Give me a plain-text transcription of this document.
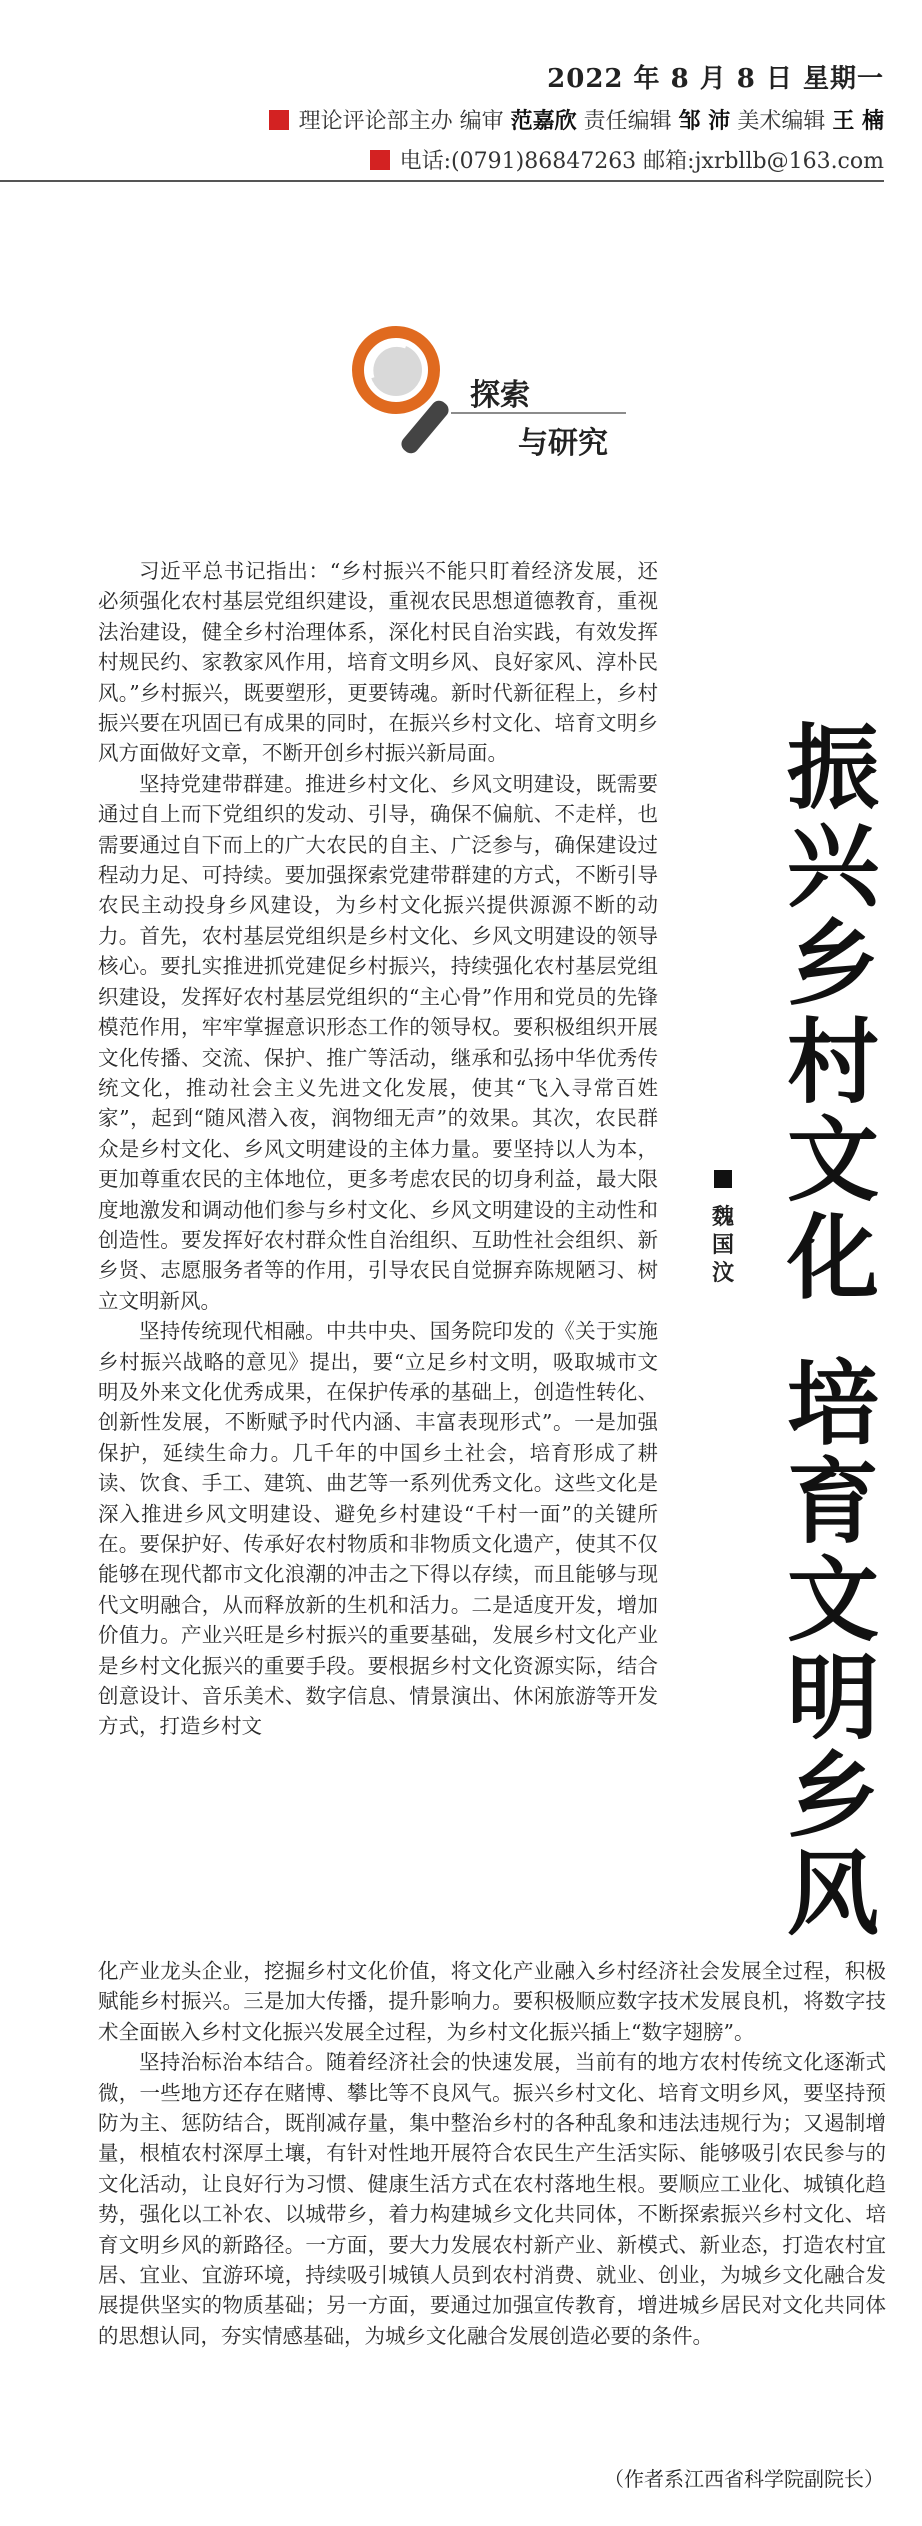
2022 年 8 月 8 日 星期一
理论评论部主办 编审 范嘉欣 责任编辑 邹 沛 美术编辑 王 楠
电话:(0791)86847263 邮箱:jxrbllb@163.com
探索
与研究
振
兴
乡
村
文
化
培
育
文
明
乡
风
魏国汶

习近平总书记指出：“乡村振兴不能只盯着经济发展，还必须强化农村基层党组织建设，重视农民思想道德教育，重视法治建设，健全乡村治理体系，深化村民自治实践，有效发挥村规民约、家教家风作用，培育文明乡风、良好家风、淳朴民风。”乡村振兴，既要塑形，更要铸魂。新时代新征程上，乡村振兴要在巩固已有成果的同时，在振兴乡村文化、培育文明乡风方面做好文章，不断开创乡村振兴新局面。

坚持党建带群建。推进乡村文化、乡风文明建设，既需要通过自上而下党组织的发动、引导，确保不偏航、不走样，也需要通过自下而上的广大农民的自主、广泛参与，确保建设过程动力足、可持续。要加强探索党建带群建的方式，不断引导农民主动投身乡风建设，为乡村文化振兴提供源源不断的动力。首先，农村基层党组织是乡村文化、乡风文明建设的领导核心。要扎实推进抓党建促乡村振兴，持续强化农村基层党组织建设，发挥好农村基层党组织的“主心骨”作用和党员的先锋模范作用，牢牢掌握意识形态工作的领导权。要积极组织开展文化传播、交流、保护、推广等活动，继承和弘扬中华优秀传统文化，推动社会主义先进文化发展，使其“飞入寻常百姓家”，起到“随风潜入夜，润物细无声”的效果。其次，农民群众是乡村文化、乡风文明建设的主体力量。要坚持以人为本，更加尊重农民的主体地位，更多考虑农民的切身利益，最大限度地激发和调动他们参与乡村文化、乡风文明建设的主动性和创造性。要发挥好农村群众性自治组织、互助性社会组织、新乡贤、志愿服务者等的作用，引导农民自觉摒弃陈规陋习、树立文明新风。

坚持传统现代相融。中共中央、国务院印发的《关于实施乡村振兴战略的意见》提出，要“立足乡村文明，吸取城市文明及外来文化优秀成果，在保护传承的基础上，创造性转化、创新性发展，不断赋予时代内涵、丰富表现形式”。一是加强保护，延续生命力。几千年的中国乡土社会，培育形成了耕读、饮食、手工、建筑、曲艺等一系列优秀文化。这些文化是深入推进乡风文明建设、避免乡村建设“千村一面”的关键所在。要保护好、传承好农村物质和非物质文化遗产，使其不仅能够在现代都市文化浪潮的冲击之下得以存续，而且能够与现代文明融合，从而释放新的生机和活力。二是适度开发，增加价值力。产业兴旺是乡村振兴的重要基础，发展乡村文化产业是乡村文化振兴的重要手段。要根据乡村文化资源实际，结合创意设计、音乐美术、数字信息、情景演出、休闲旅游等开发方式，打造乡村文

化产业龙头企业，挖掘乡村文化价值，将文化产业融入乡村经济社会发展全过程，积极赋能乡村振兴。三是加大传播，提升影响力。要积极顺应数字技术发展良机，将数字技术全面嵌入乡村文化振兴发展全过程，为乡村文化振兴插上“数字翅膀”。

坚持治标治本结合。随着经济社会的快速发展，当前有的地方农村传统文化逐渐式微，一些地方还存在赌博、攀比等不良风气。振兴乡村文化、培育文明乡风，要坚持预防为主、惩防结合，既削减存量，集中整治乡村的各种乱象和违法违规行为；又遏制增量，根植农村深厚土壤，有针对性地开展符合农民生产生活实际、能够吸引农民参与的文化活动，让良好行为习惯、健康生活方式在农村落地生根。要顺应工业化、城镇化趋势，强化以工补农、以城带乡，着力构建城乡文化共同体，不断探索振兴乡村文化、培育文明乡风的新路径。一方面，要大力发展农村新产业、新模式、新业态，打造农村宜居、宜业、宜游环境，持续吸引城镇人员到农村消费、就业、创业，为城乡文化融合发展提供坚实的物质基础；另一方面，要通过加强宣传教育，增进城乡居民对文化共同体的思想认同，夯实情感基础，为城乡文化融合发展创造必要的条件。

（作者系江西省科学院副院长）
